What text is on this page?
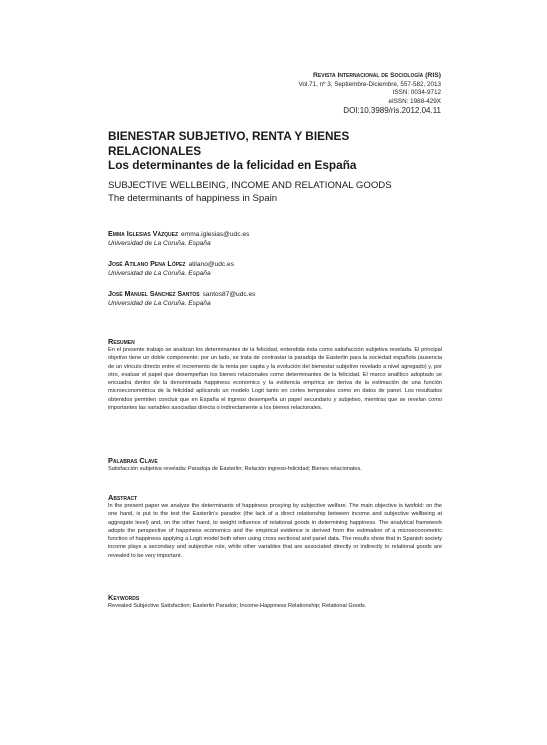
Revista Internacional de Sociología (RIS)
Vol.71, nº 3, Septiembre-Diciembre, 557-582, 2013
ISSN: 0034-9712
eISSN: 1988-429X
DOI:10.3989/ris.2012.04.11
BIENESTAR SUBJETIVO, RENTA Y BIENES RELACIONALES
Los determinantes de la felicidad en España
SUBJECTIVE WELLBEING, INCOME AND RELATIONAL GOODS
The determinants of happiness in Spain
Emma Iglesias Vázquez emma.iglesias@udc.es
Universidad de La Coruña. España
José Atilano Pena López atilano@udc.es
Universidad de La Coruña. España
José Manuel Sánchez Santos santos87@udc.es
Universidad de La Coruña. España
Resumen
En el presente trabajo se analizan los determinantes de la felicidad, entendida ésta como satisfacción subjetiva revelada. El principal objetivo tiene un doble componente: por un lado, se trata de contrastar la paradoja de Easterlin para la sociedad española (ausencia de un vínculo directo entre el incremento de la renta per capita y la evolución del bienestar subjetivo revelado a nivel agregado) y, por otro, evaluar el papel que desempeñan los bienes relacionales como determinantes de la felicidad. El marco analítico adoptado se encuadra dentro de la denominada happiness economics y la evidencia empírica se deriva de la estimación de una función microeconométrica de la felicidad aplicando un modelo Logit tanto en cortes temporales como en datos de panel. Los resultados obtenidos permiten concluir que en España el ingreso desempeña un papel secundario y subjetivo, mientras que se revelan como importantes las variables asociadas directa o indirectamente a los bienes relacionales.
Palabras Clave
Satisfacción subjetiva revelada; Paradoja de Easterlin; Relación ingreso-felicidad; Bienes relacionales.
Abstract
In the present paper we analyze the determinants of happiness proxying by subjective welfare. The main objective is twofold: on the one hand, is put to the test the Easterlin's paradox (the lack of a direct relationship between income and subjective wellbeing at aggregate level) and, on the other hand, to weight influence of relational goods in determining happiness. The analytical framework adopts the perspective of happiness economics and the empirical evidence is derived from the estimation of a microeconometric function of happiness applying a Logit model both when using cross sectional and panel data. The results show that in Spanish society income plays a secondary and subjective role, while other variables that are associated directly or indirectly to relational goods are revealed to be very important.
Keywords
Revealed Subjective Satisfaction; Easterlin Paradox; Income-Happiness Relationship; Relational Goods.
